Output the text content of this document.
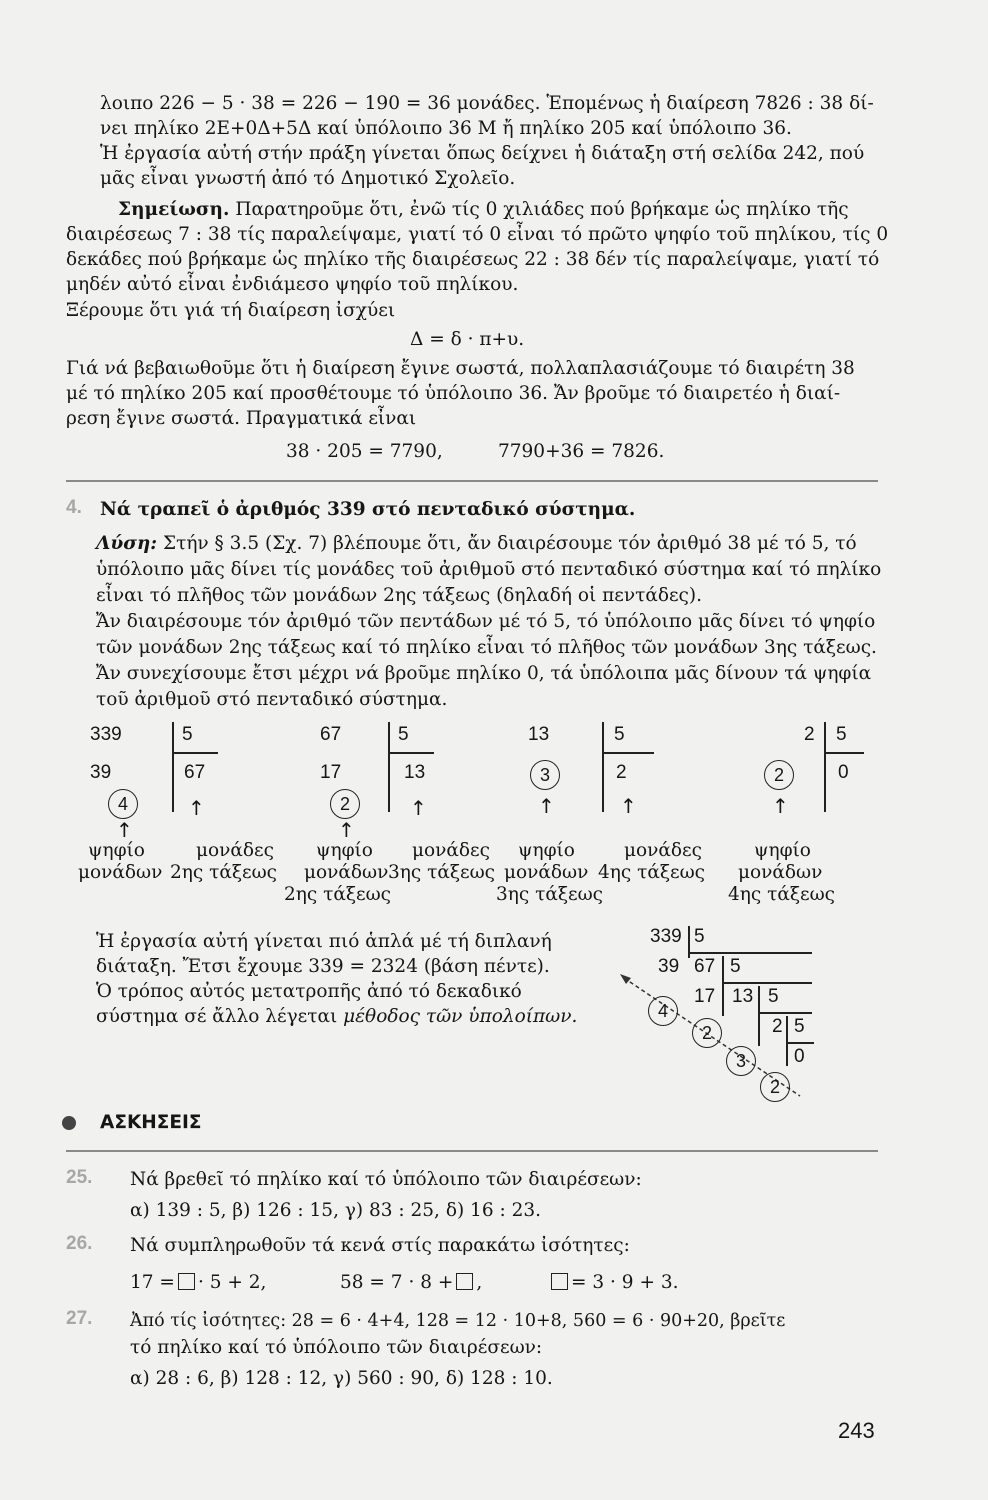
λοιπο 226 − 5 · 38 = 226 − 190 = 36 μονάδες. Ἑπομένως ἡ διαίρεση 7826 : 38 δί-
νει πηλίκο 2Ε+0Δ+5Δ καί ὑπόλοιπο 36 Μ ἤ πηλίκο 205 καί ὑπόλοιπο 36.
Ἡ ἐργασία αὐτή στήν πράξη γίνεται ὅπως δείχνει ἡ διάταξη στή σελίδα 242, πού
μᾶς εἶναι γνωστή ἀπό τό Δημοτικό Σχολεῖο.
Σημείωση. Παρατηροῦμε ὅτι, ἐνῶ τίς 0 χιλιάδες πού βρήκαμε ὡς πηλίκο τῆς
διαιρέσεως 7 : 38 τίς παραλείψαμε, γιατί τό 0 εἶναι τό πρῶτο ψηφίο τοῦ πηλίκου, τίς 0
δεκάδες πού βρήκαμε ὡς πηλίκο τῆς διαιρέσεως 22 : 38 δέν τίς παραλείψαμε, γιατί τό
μηδέν αὐτό εἶναι ἐνδιάμεσο ψηφίο τοῦ πηλίκου.
Ξέρουμε ὅτι γιά τή διαίρεση ἰσχύει
Δ = δ · π+υ.
Γιά νά βεβαιωθοῦμε ὅτι ἡ διαίρεση ἔγινε σωστά, πολλαπλασιάζουμε τό διαιρέτη 38
μέ τό πηλίκο 205 καί προσθέτουμε τό ὑπόλοιπο 36. Ἄν βροῦμε τό διαιρετέο ἡ διαί-
ρεση ἔγινε σωστά. Πραγματικά εἶναι
38 · 205 = 7790,	7790+36 = 7826.
4. Νά τραπεῖ ὁ ἀριθμός 339 στό πενταδικό σύστημα.
Λύση: Στήν § 3.5 (Σχ. 7) βλέπουμε ὅτι, ἄν διαιρέσουμε τόν ἀριθμό 38 μέ τό 5, τό
ὑπόλοιπο μᾶς δίνει τίς μονάδες τοῦ ἀριθμοῦ στό πενταδικό σύστημα καί τό πηλίκο
εἶναι τό πλῆθος τῶν μονάδων 2ης τάξεως (δηλαδή οἱ πεντάδες).
Ἄν διαιρέσουμε τόν ἀριθμό τῶν πεντάδων μέ τό 5, τό ὑπόλοιπο μᾶς δίνει τό ψηφίο
τῶν μονάδων 2ης τάξεως καί τό πηλίκο εἶναι τό πλῆθος τῶν μονάδων 3ης τάξεως.
Ἄν συνεχίσουμε ἔτσι μέχρι νά βροῦμε πηλίκο 0, τά ὑπόλοιπα μᾶς δίνουν τά ψηφία
τοῦ ἀριθμοῦ στό πενταδικό σύστημα.
339	5
39	67
4
↑
↑
ψηφίο
μονάδων
μονάδες
2ης τάξεως
67	5
17	13
2
↑
↑
ψηφίο
μονάδων
2ης τάξεως
μονάδες
3ης τάξεως
13	5
2
3
↑	↑
ψηφίο
μονάδων
3ης τάξεως
μονάδες
4ης τάξεως
2 5
0
2
↑
ψηφίο
μονάδων
4ης τάξεως
Ἡ ἐργασία αὐτή γίνεται πιό ἁπλά μέ τή διπλανή
διάταξη. Ἔτσι ἔχουμε 339 = 2324 (βάση πέντε).
Ὁ τρόπος αὐτός μετατροπῆς ἀπό τό δεκαδικό
σύστημα σέ ἄλλο λέγεται μέθοδος τῶν ὑπολοίπων.
339 5
39 67 5
17 13 5
2 5
0
4
2
3
2
ΑΣΚΗΣΕΙΣ
25. Νά βρεθεῖ τό πηλίκο καί τό ὑπόλοιπο τῶν διαιρέσεων:
α) 139 : 5, β) 126 : 15, γ) 83 : 25, δ) 16 : 23.
26. Νά συμπληρωθοῦν τά κενά στίς παρακάτω ἰσότητες:
17 = · 5 + 2,	58 = 7 · 8 + ,	= 3 · 9 + 3.
27. Ἀπό τίς ἰσότητες: 28 = 6 · 4+4, 128 = 12 · 10+8, 560 = 6 · 90+20, βρεῖτε
τό πηλίκο καί τό ὑπόλοιπο τῶν διαιρέσεων:
α) 28 : 6, β) 128 : 12, γ) 560 : 90, δ) 128 : 10.
243
